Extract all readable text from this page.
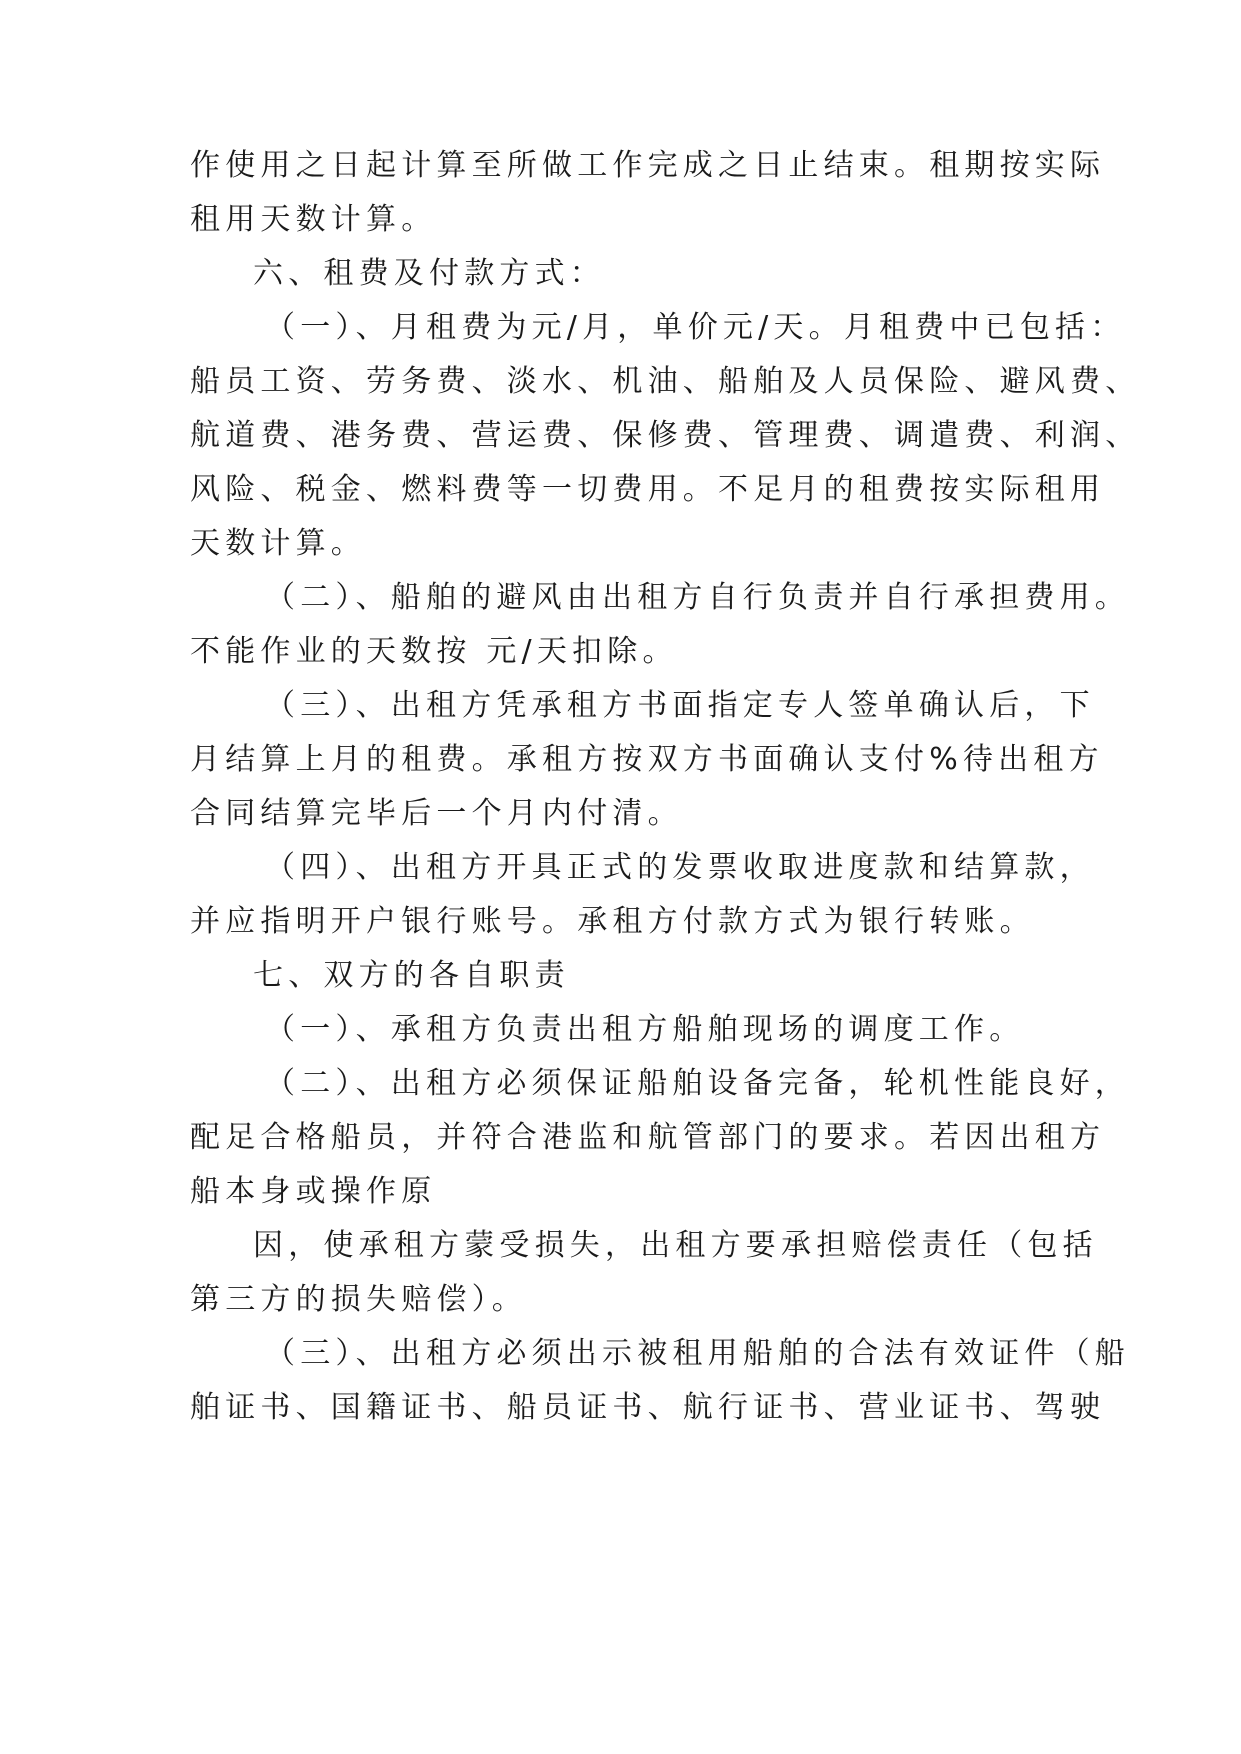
作使用之日起计算至所做工作完成之日止结束。租期按实际
租用天数计算。
六、租费及付款方式：
（一）、月租费为元/月，单价元/天。月租费中已包括：
船员工资、劳务费、淡水、机油、船舶及人员保险、避风费、
航道费、港务费、营运费、保修费、管理费、调遣费、利润、
风险、税金、燃料费等一切费用。不足月的租费按实际租用
天数计算。
（二）、船舶的避风由出租方自行负责并自行承担费用。
不能作业的天数按 元/天扣除。
（三）、出租方凭承租方书面指定专人签单确认后，下
月结算上月的租费。承租方按双方书面确认支付%待出租方
合同结算完毕后一个月内付清。
（四）、出租方开具正式的发票收取进度款和结算款，
并应指明开户银行账号。承租方付款方式为银行转账。
七、双方的各自职责
（一）、承租方负责出租方船舶现场的调度工作。
（二）、出租方必须保证船舶设备完备，轮机性能良好，
配足合格船员，并符合港监和航管部门的要求。若因出租方
船本身或操作原
因，使承租方蒙受损失，出租方要承担赔偿责任（包括
第三方的损失赔偿）。
（三）、出租方必须出示被租用船舶的合法有效证件（船
舶证书、国籍证书、船员证书、航行证书、营业证书、驾驶
